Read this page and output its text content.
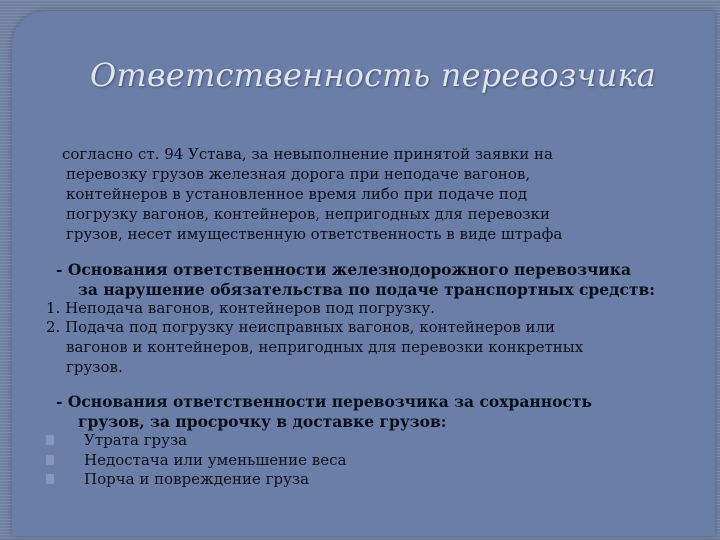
Ответственность перевозчика

согласно ст. 94 Устава, за невыполнение принятой заявки на
перевозку грузов железная дорога при неподаче вагонов,
контейнеров в установленное время либо при подаче под
погрузку вагонов, контейнеров, непригодных для перевозки
грузов, несет имущественную ответственность в виде штрафа

- Основания ответственности железнодорожного перевозчика
за нарушение обязательства по подаче транспортных средств:

1. Неподача вагонов, контейнеров под погрузку.

2. Подача под погрузку неисправных вагонов, контейнеров или
вагонов и контейнеров, непригодных для перевозки конкретных
грузов.

- Основания ответственности перевозчика за сохранность
грузов, за просрочку в доставке грузов:

Утрата груза
Недостача или уменьшение веса
Порча и повреждение груза
